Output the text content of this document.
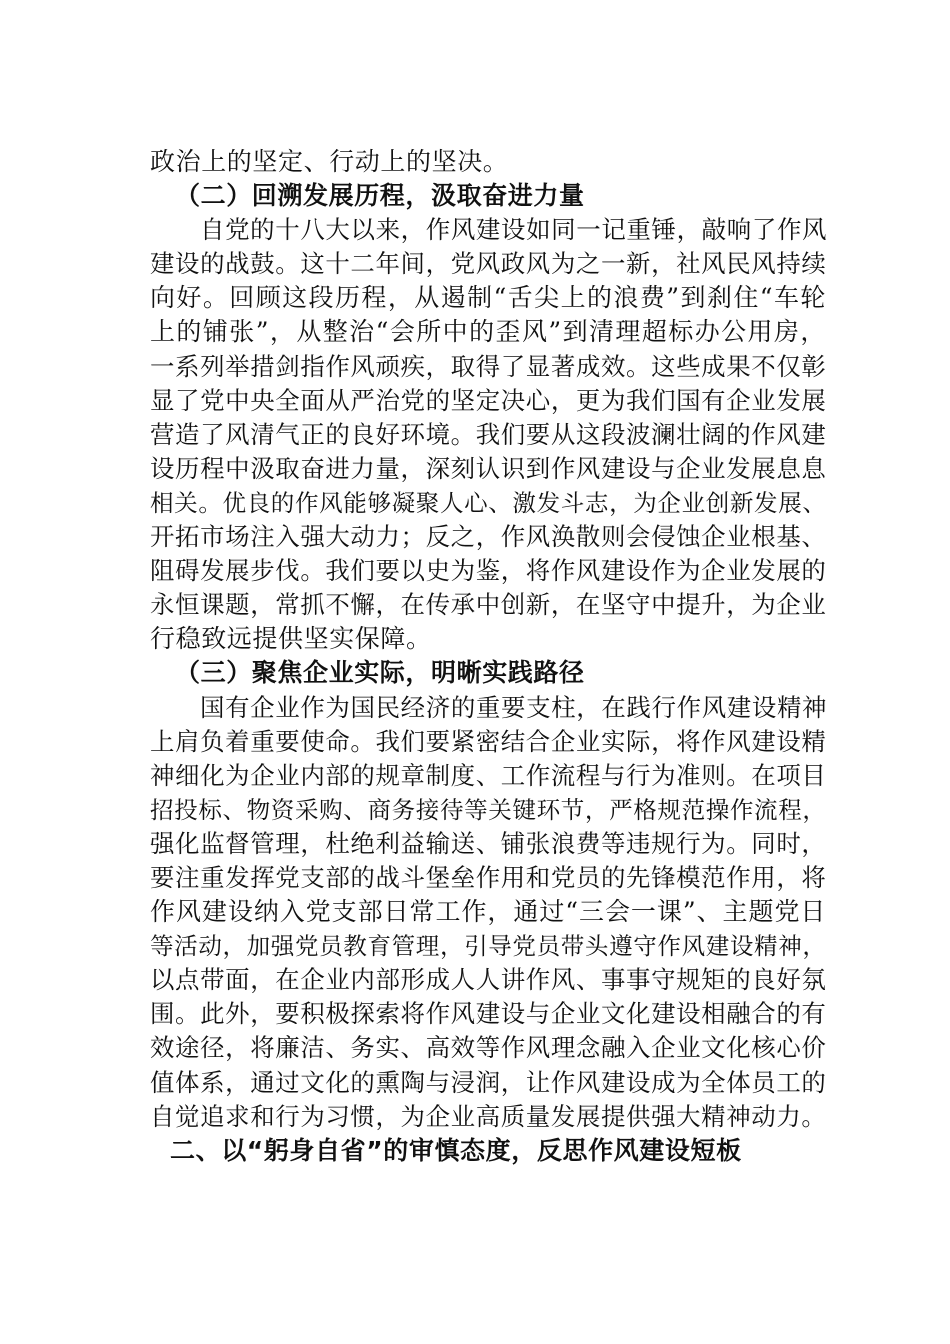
政治上的坚定、行动上的坚决。
（二）回溯发展历程，汲取奋进力量
自党的十八大以来，作风建设如同一记重锤，敲响了作风
建设的战鼓。这十二年间，党风政风为之一新，社风民风持续
向好。回顾这段历程，从遏制“舌尖上的浪费”到刹住“车轮
上的铺张”，从整治“会所中的歪风”到清理超标办公用房，
一系列举措剑指作风顽疾，取得了显著成效。这些成果不仅彰
显了党中央全面从严治党的坚定决心，更为我们国有企业发展
营造了风清气正的良好环境。我们要从这段波澜壮阔的作风建
设历程中汲取奋进力量，深刻认识到作风建设与企业发展息息
相关。优良的作风能够凝聚人心、激发斗志，为企业创新发展、
开拓市场注入强大动力；反之，作风涣散则会侵蚀企业根基、
阻碍发展步伐。我们要以史为鉴，将作风建设作为企业发展的
永恒课题，常抓不懈，在传承中创新，在坚守中提升，为企业
行稳致远提供坚实保障。
（三）聚焦企业实际，明晰实践路径
国有企业作为国民经济的重要支柱，在践行作风建设精神
上肩负着重要使命。我们要紧密结合企业实际，将作风建设精
神细化为企业内部的规章制度、工作流程与行为准则。在项目
招投标、物资采购、商务接待等关键环节，严格规范操作流程，
强化监督管理，杜绝利益输送、铺张浪费等违规行为。同时，
要注重发挥党支部的战斗堡垒作用和党员的先锋模范作用，将
作风建设纳入党支部日常工作，通过“三会一课”、主题党日
等活动，加强党员教育管理，引导党员带头遵守作风建设精神，
以点带面，在企业内部形成人人讲作风、事事守规矩的良好氛
围。此外，要积极探索将作风建设与企业文化建设相融合的有
效途径，将廉洁、务实、高效等作风理念融入企业文化核心价
值体系，通过文化的熏陶与浸润，让作风建设成为全体员工的
自觉追求和行为习惯，为企业高质量发展提供强大精神动力。
二、以“躬身自省”的审慎态度，反思作风建设短板
